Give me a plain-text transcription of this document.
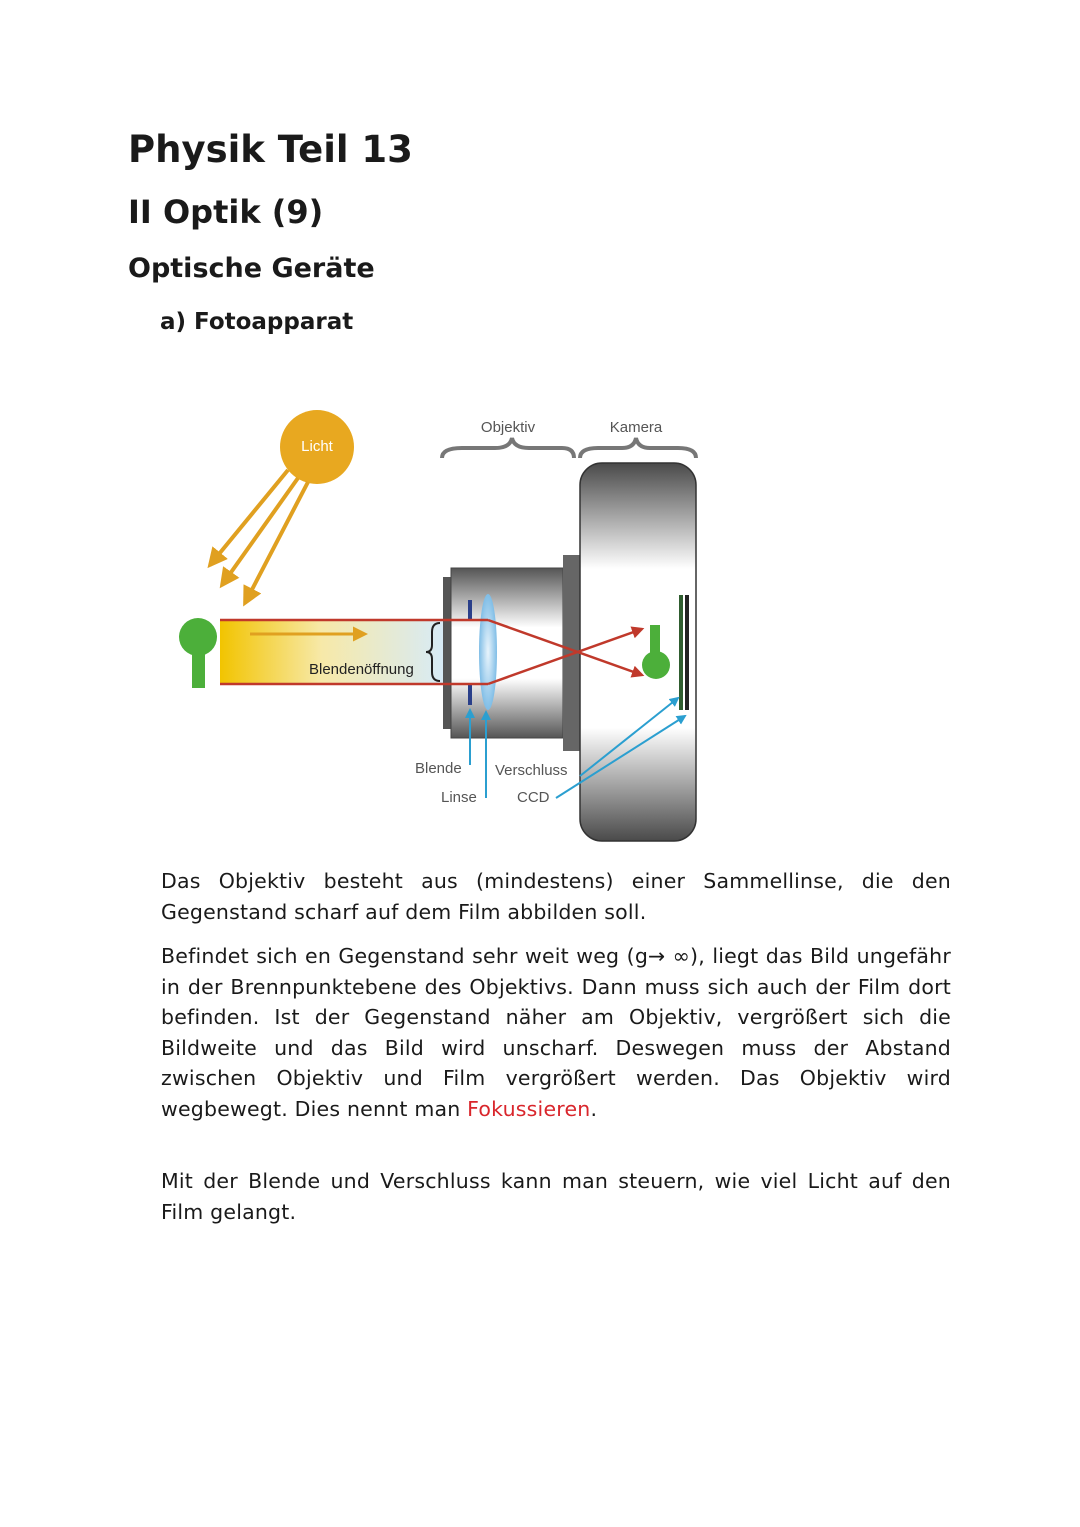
Physik Teil 13
II Optik (9)
Optische Geräte
a) Fotoapparat
Licht
Objektiv	Kamera
Blendenöffnung
Blende Verschluss
Linse	CCD

Das Objektiv besteht aus (mindestens) einer Sammellinse, die den Gegenstand scharf auf dem Film abbilden soll.

Befindet sich en Gegenstand sehr weit weg (g→ ∞), liegt das Bild ungefähr in der Brennpunktebene des Objektivs. Dann muss sich auch der Film dort befinden. Ist der Gegenstand näher am Objektiv, vergrößert sich die Bildweite und das Bild wird unscharf. Deswegen muss der Abstand zwischen Objektiv und Film vergrößert werden. Das Objektiv wird wegbewegt. Dies nennt man Fokussieren.

Mit der Blende und Verschluss kann man steuern, wie viel Licht auf den Film gelangt.
